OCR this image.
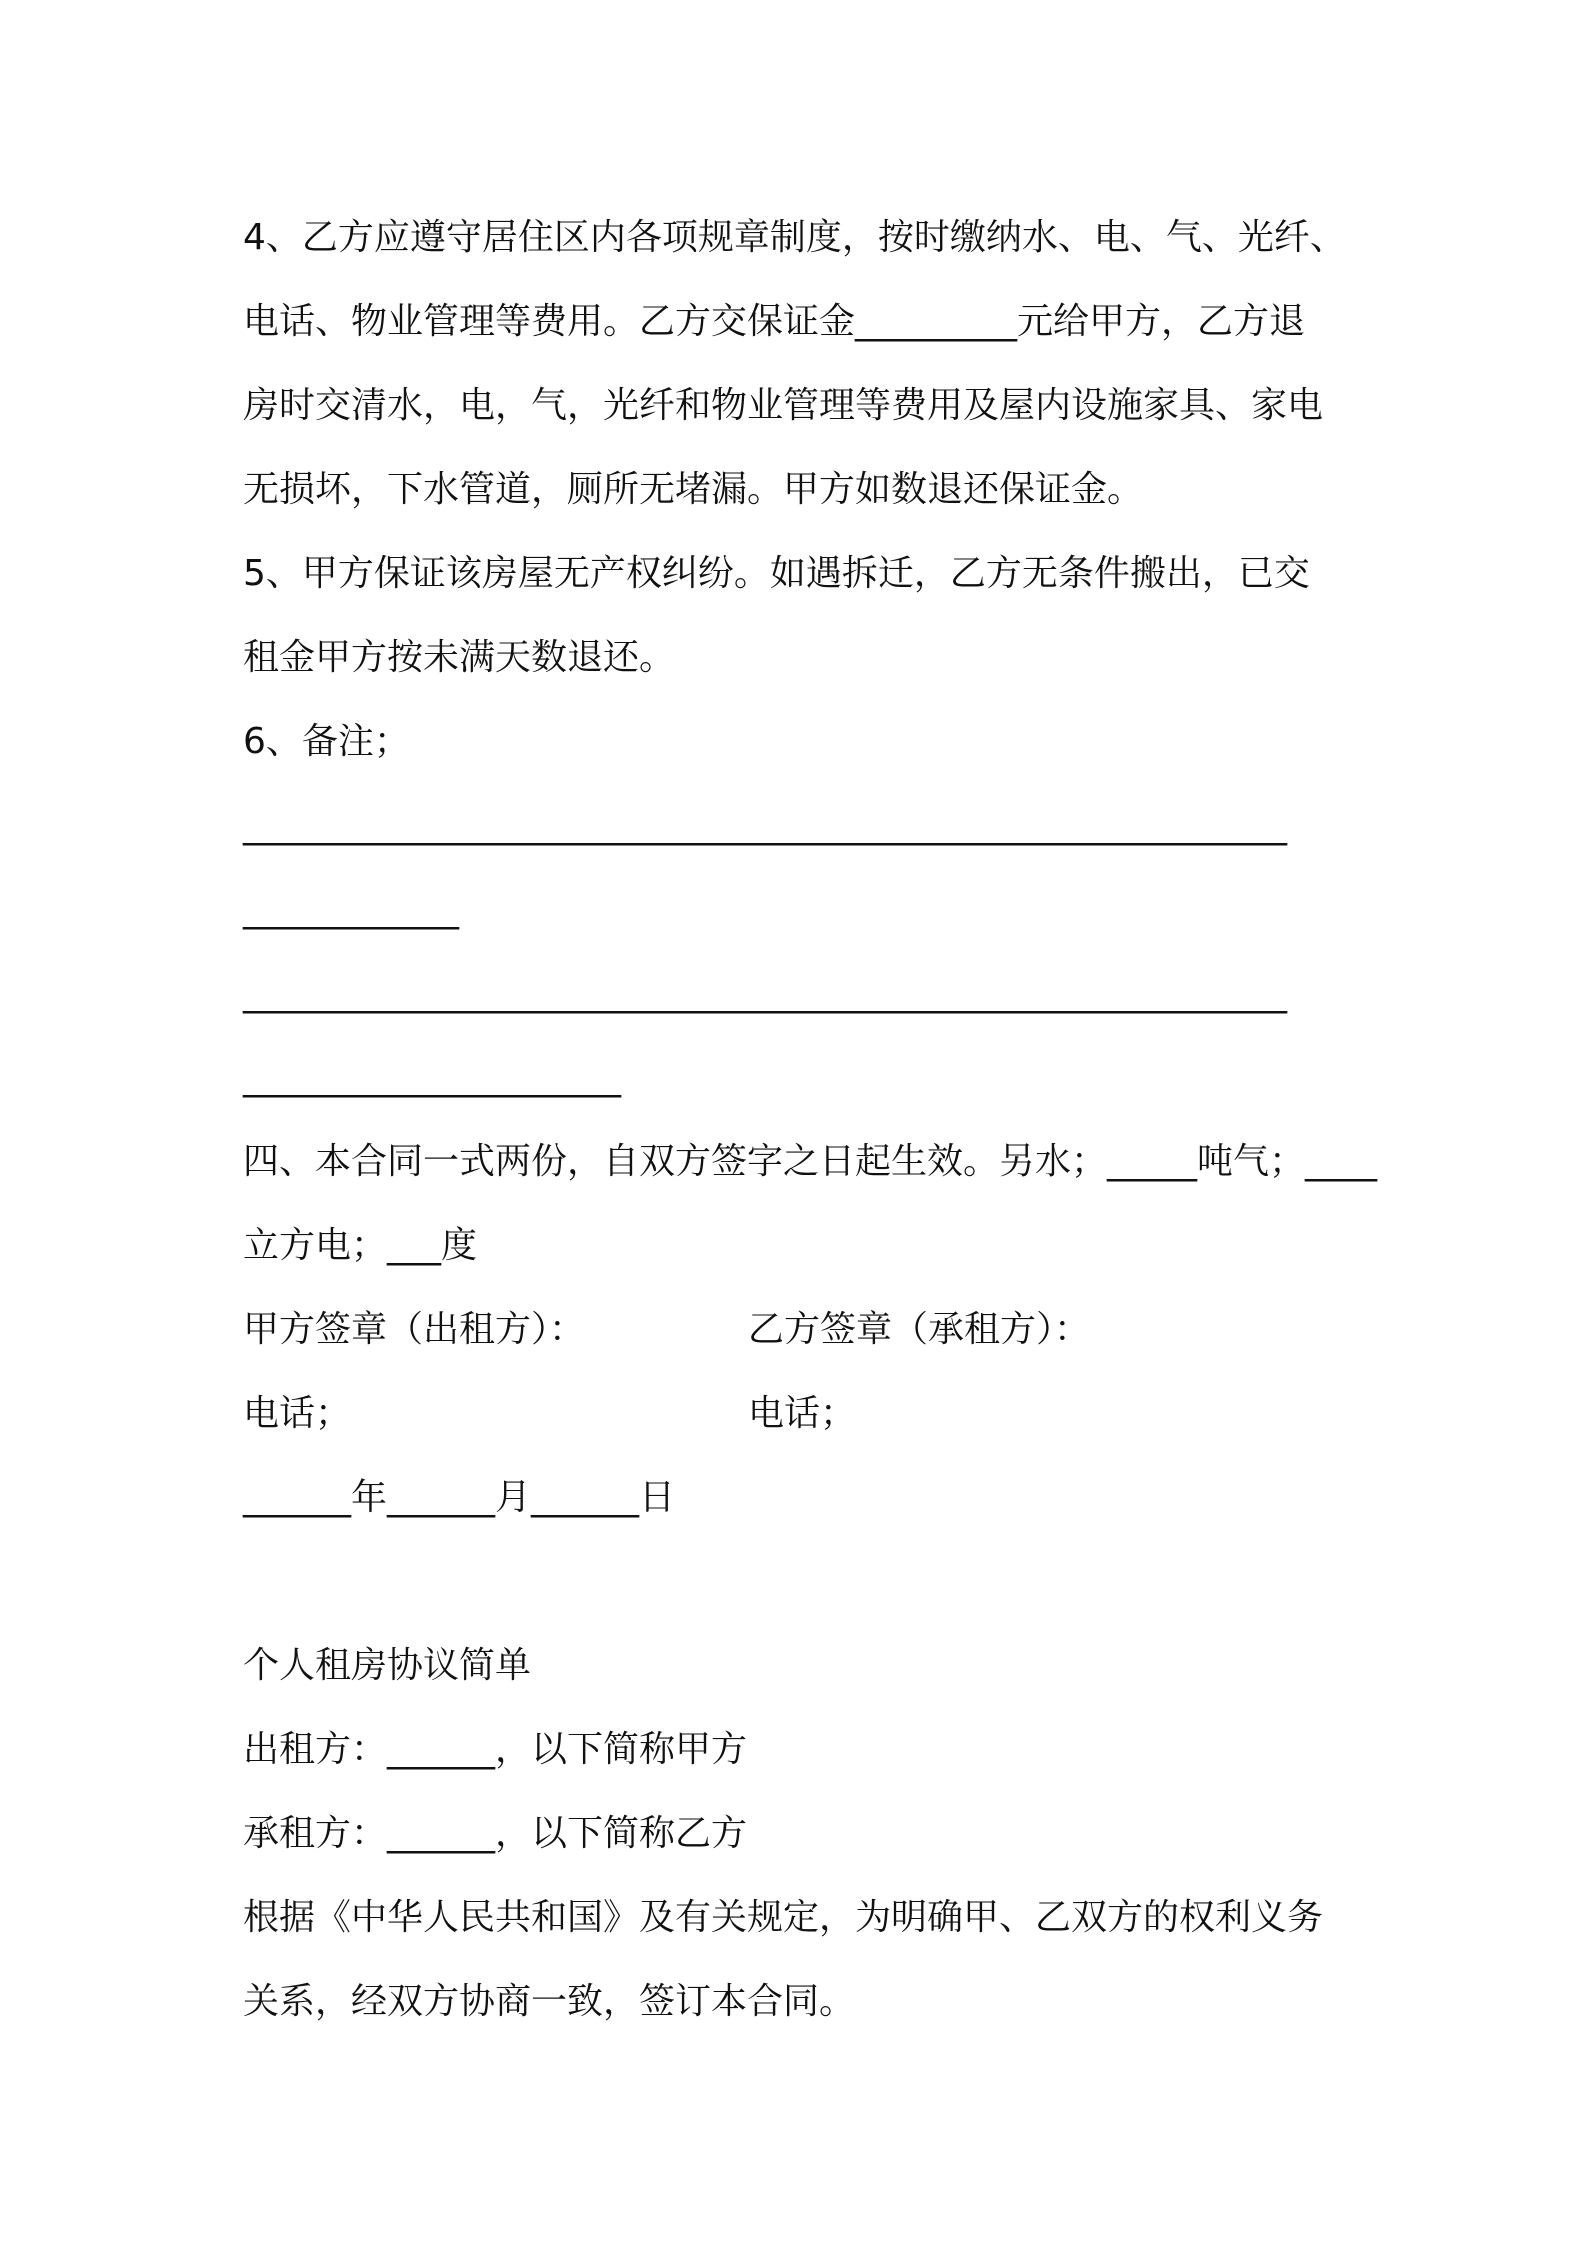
4、乙方应遵守居住区内各项规章制度，按时缴纳水、电、气、光纤、
电话、物业管理等费用。乙方交保证金_________元给甲方，乙方退
房时交清水，电，气，光纤和物业管理等费用及屋内设施家具、家电
无损坏，下水管道，厕所无堵漏。甲方如数退还保证金。
5、甲方保证该房屋无产权纠纷。如遇拆迁，乙方无条件搬出，已交
租金甲方按未满天数退还。
6、备注；
__________________________________________________________
____________
__________________________________________________________
_____________________
四、本合同一式两份，自双方签字之日起生效。另水；_____吨气；____
立方电；___度
甲方签章（出租方）：	乙方签章（承租方）：
电话；	电话；
______年______月______日
个人租房协议简单
出租方：______，以下简称甲方
承租方：______，以下简称乙方
根据《中华人民共和国》及有关规定，为明确甲、乙双方的权利义务
关系，经双方协商一致，签订本合同。
